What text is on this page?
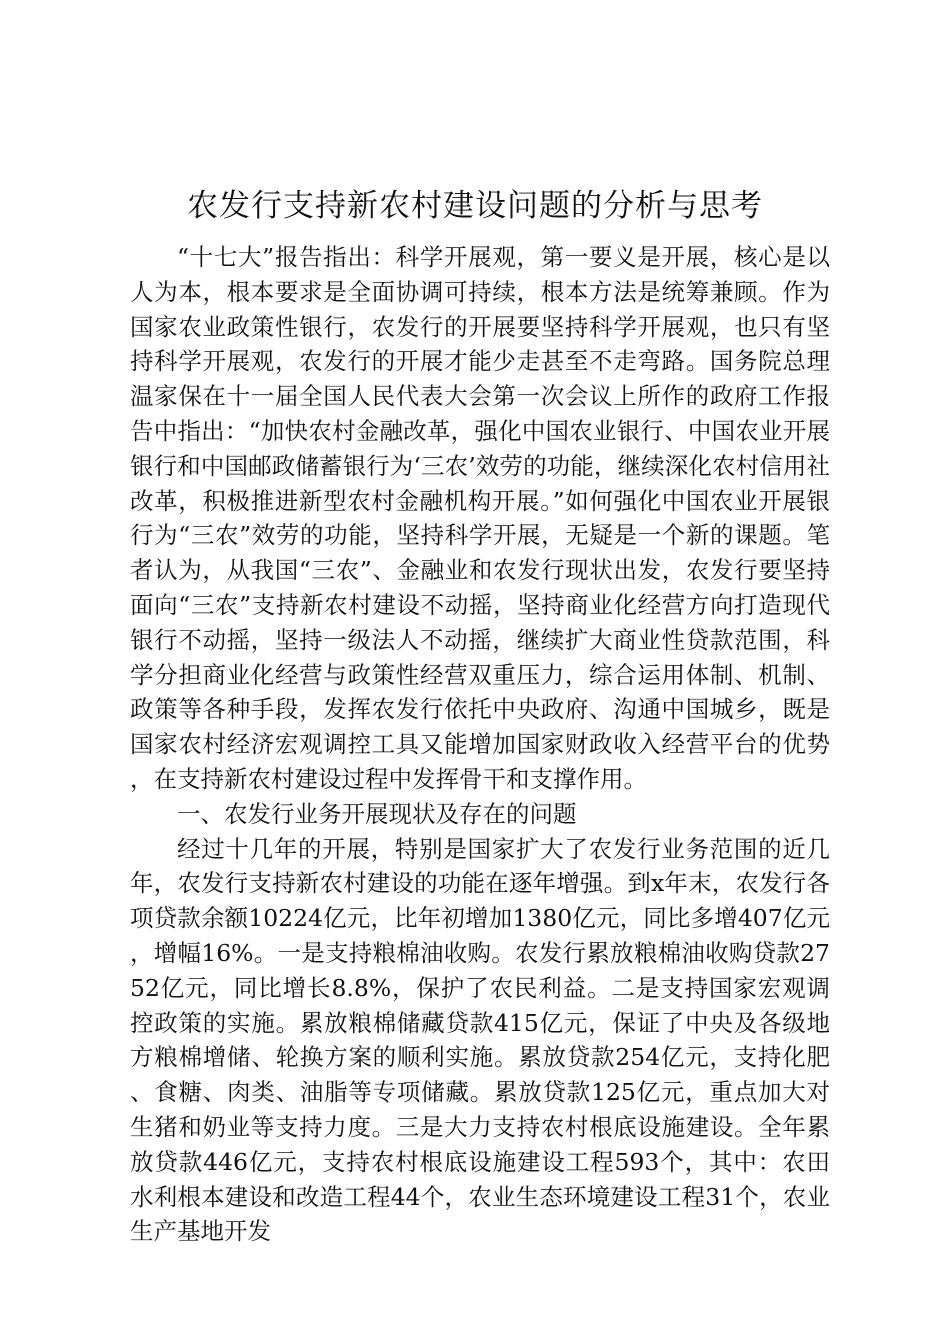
农发行支持新农村建设问题的分析与思考

“十七大”报告指出：科学开展观，第一要义是开展，核心是以人为本，根本要求是全面协调可持续，根本方法是统筹兼顾。作为国家农业政策性银行，农发行的开展要坚持科学开展观，也只有坚持科学开展观，农发行的开展才能少走甚至不走弯路。国务院总理温家保在十一届全国人民代表大会第一次会议上所作的政府工作报告中指出：“加快农村金融改革，强化中国农业银行、中国农业开展银行和中国邮政储蓄银行为‘三农’效劳的功能，继续深化农村信用社改革，积极推进新型农村金融机构开展。”如何强化中国农业开展银行为“三农”效劳的功能，坚持科学开展，无疑是一个新的课题。笔者认为，从我国“三农”、金融业和农发行现状出发，农发行要坚持面向“三农”支持新农村建设不动摇，坚持商业化经营方向打造现代银行不动摇，坚持一级法人不动摇，继续扩大商业性贷款范围，科学分担商业化经营与政策性经营双重压力，综合运用体制、机制、政策等各种手段，发挥农发行依托中央政府、沟通中国城乡，既是国家农村经济宏观调控工具又能增加国家财政收入经营平台的优势，在支持新农村建设过程中发挥骨干和支撑作用。

一、农发行业务开展现状及存在的问题

经过十几年的开展，特别是国家扩大了农发行业务范围的近几年，农发行支持新农村建设的功能在逐年增强。到x年末，农发行各项贷款余额10224亿元，比年初增加1380亿元，同比多增407亿元，增幅16%。一是支持粮棉油收购。农发行累放粮棉油收购贷款2752亿元，同比增长8.8%，保护了农民利益。二是支持国家宏观调控政策的实施。累放粮棉储藏贷款415亿元，保证了中央及各级地方粮棉增储、轮换方案的顺利实施。累放贷款254亿元，支持化肥、食糖、肉类、油脂等专项储藏。累放贷款125亿元，重点加大对生猪和奶业等支持力度。三是大力支持农村根底设施建设。全年累放贷款446亿元，支持农村根底设施建设工程593个，其中：农田水利根本建设和改造工程44个，农业生态环境建设工程31个，农业生产基地开发
